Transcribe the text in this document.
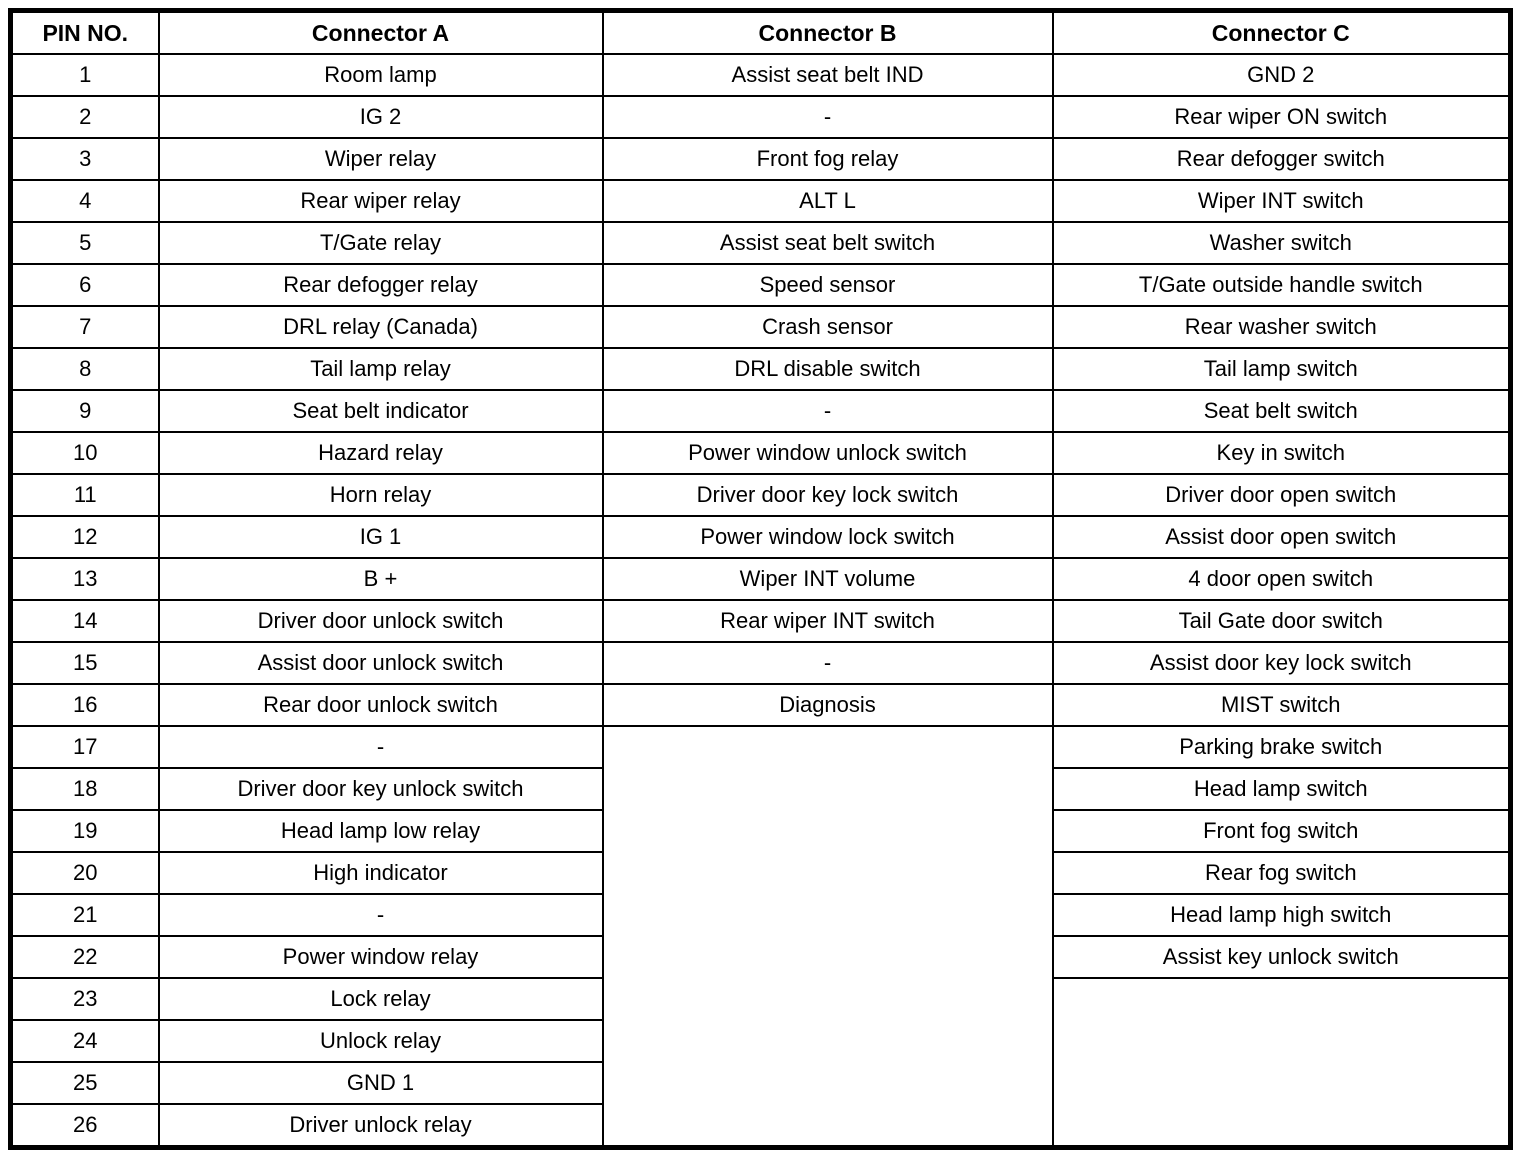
PIN NO.	Connector A	Connector B	Connector C
1	Room lamp	Assist seat belt IND	GND 2
2	IG 2	-	Rear wiper ON switch
3	Wiper relay	Front fog relay	Rear defogger switch
4	Rear wiper relay	ALT L	Wiper INT switch
5	T/Gate relay	Assist seat belt switch	Washer switch
6	Rear defogger relay	Speed sensor	T/Gate outside handle switch
7	DRL relay (Canada)	Crash sensor	Rear washer switch
8	Tail lamp relay	DRL disable switch	Tail lamp switch
9	Seat belt indicator	-	Seat belt switch
10	Hazard relay	Power window unlock switch	Key in switch
11	Horn relay	Driver door key lock switch	Driver door open switch
12	IG 1	Power window lock switch	Assist door open switch
13	B +	Wiper INT volume	4 door open switch
14	Driver door unlock switch	Rear wiper INT switch	Tail Gate door switch
15	Assist door unlock switch	-	Assist door key lock switch
16	Rear door unlock switch	Diagnosis	MIST switch
17	-		Parking brake switch
18	Driver door key unlock switch		Head lamp switch
19	Head lamp low relay		Front fog switch
20	High indicator		Rear fog switch
21	-		Head lamp high switch
22	Power window relay		Assist key unlock switch
23	Lock relay		
24	Unlock relay		
25	GND 1		
26	Driver unlock relay		
